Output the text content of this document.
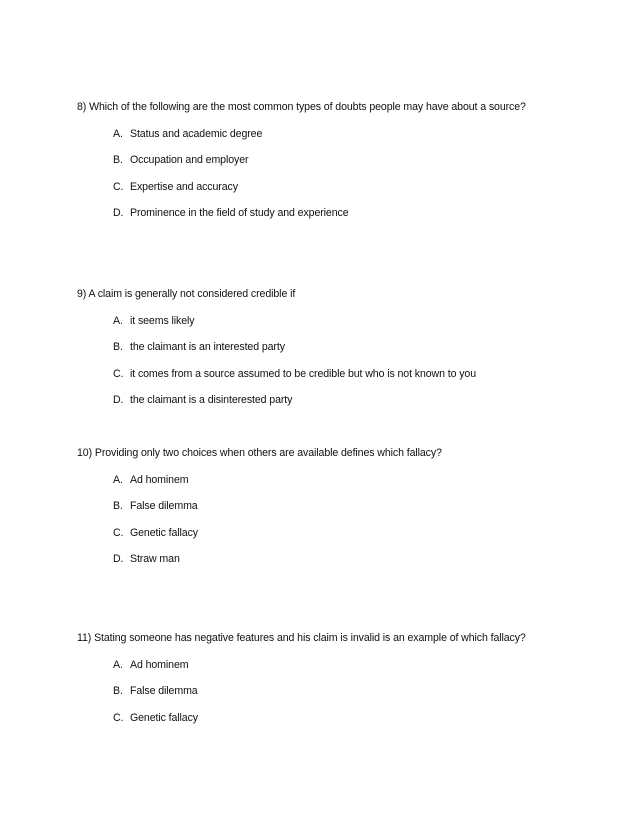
8) Which of the following are the most common types of doubts people may have about a source?
A. Status and academic degree
B. Occupation and employer
C. Expertise and accuracy
D. Prominence in the field of study and experience
9) A claim is generally not considered credible if
A. it seems likely
B. the claimant is an interested party
C. it comes from a source assumed to be credible but who is not known to you
D. the claimant is a disinterested party
10) Providing only two choices when others are available defines which fallacy?
A. Ad hominem
B. False dilemma
C. Genetic fallacy
D. Straw man
11) Stating someone has negative features and his claim is invalid is an example of which fallacy?
A. Ad hominem
B. False dilemma
C. Genetic fallacy
